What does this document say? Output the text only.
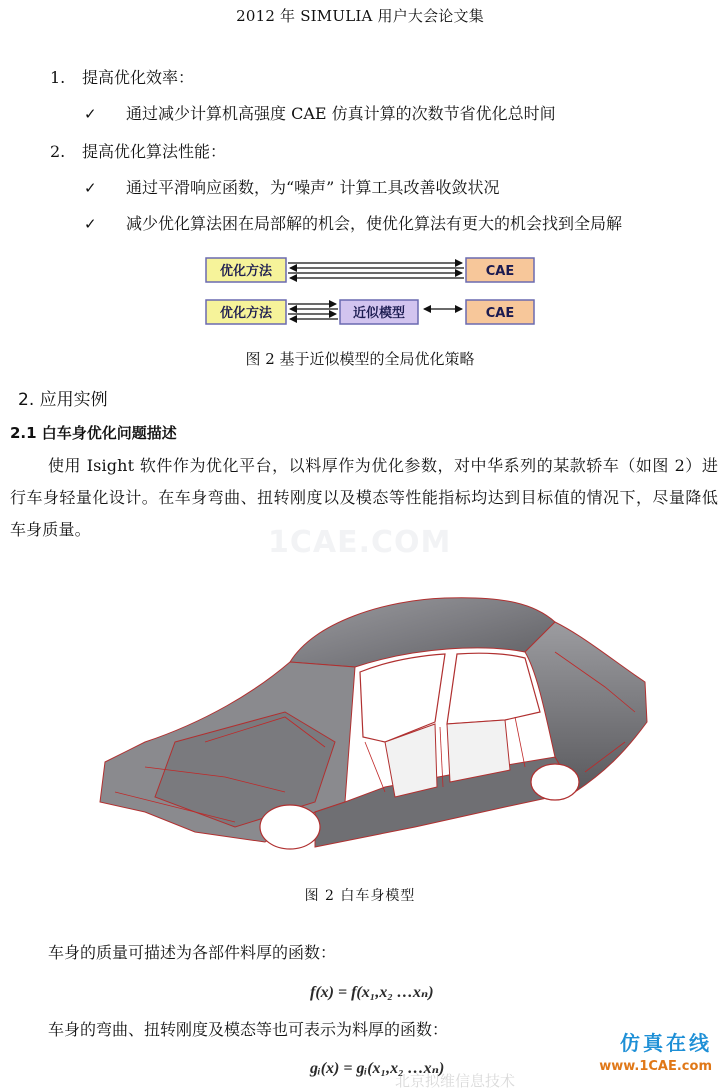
2012 年 SIMULIA 用户大会论文集
1. 提高优化效率：
✓ 通过减少计算机高强度 CAE 仿真计算的次数节省优化总时间
2. 提高优化算法性能：
✓ 通过平滑响应函数，为“噪声” 计算工具改善收敛状况
✓ 减少优化算法困在局部解的机会，使优化算法有更大的机会找到全局解
优化方法	CAE
优化方法	近似模型	CAE
图 2 基于近似模型的全局优化策略
2. 应用实例
2.1 白车身优化问题描述
使用 Isight 软件作为优化平台，以料厚作为优化参数，对中华系列的某款轿车（如图 2）进行车身轻量化设计。在车身弯曲、扭转刚度以及模态等性能指标均达到目标值的情况下，尽量降低车身质量。	1CAE.COM
图 2 白车身模型
车身的质量可描述为各部件料厚的函数：
f(x) = f(x₁,x₂ …xₙ)
车身的弯曲、扭转刚度及模态等也可表示为料厚的函数：
gᵢ(x) = gᵢ(x₁,x₂ …xₙ)
北京拟维信息技术
仿真在线
www.1CAE.com
